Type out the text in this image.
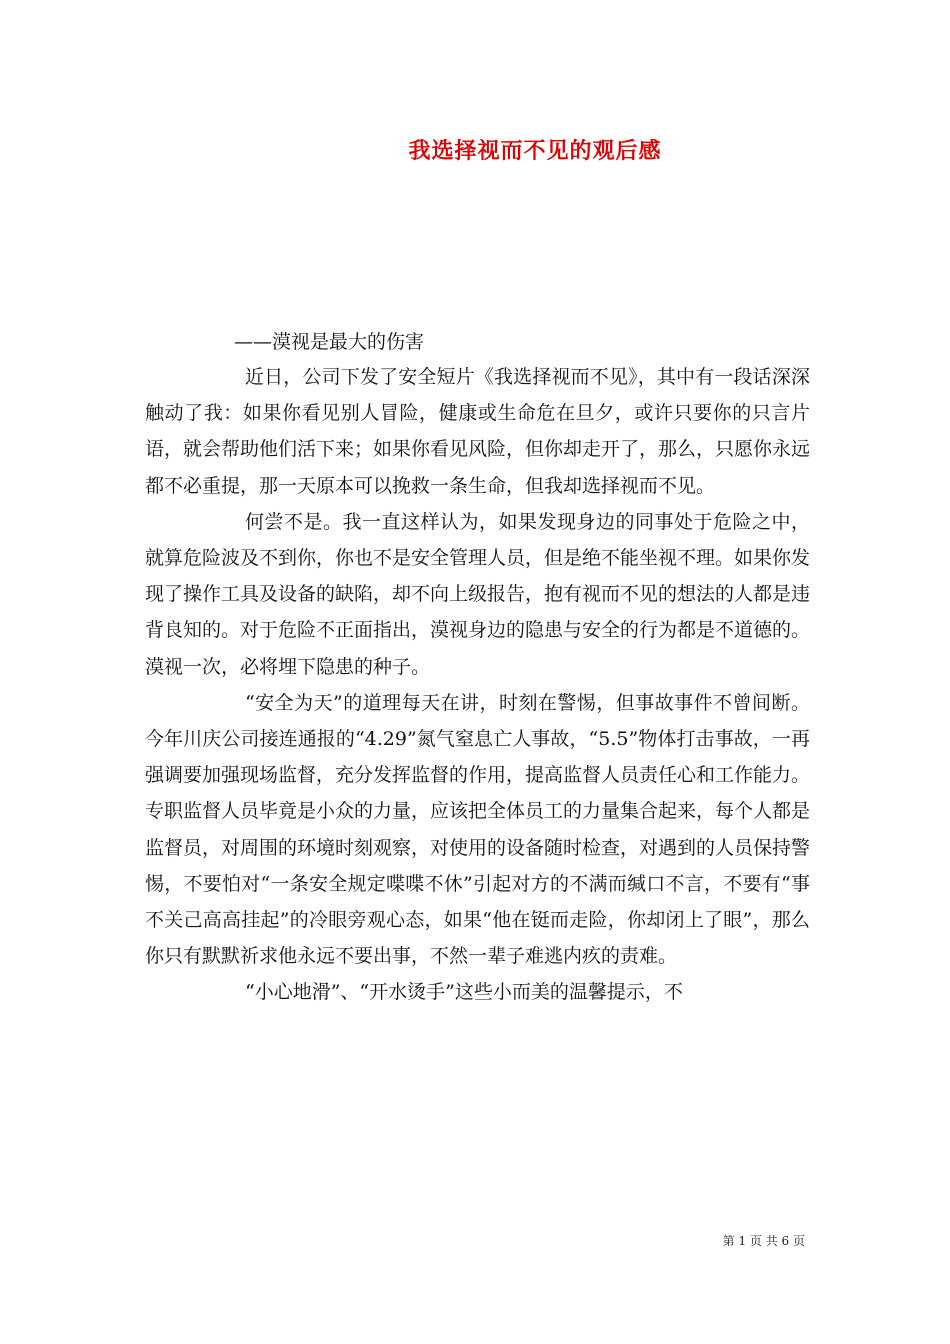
我选择视而不见的观后感
——漠视是最大的伤害

近日，公司下发了安全短片《我选择视而不见》，其中有一段话深深触动了我：如果你看见别人冒险，健康或生命危在旦夕，或许只要你的只言片语，就会帮助他们活下来；如果你看见风险，但你却走开了，那么，只愿你永远都不必重提，那一天原本可以挽救一条生命，但我却选择视而不见。

何尝不是。我一直这样认为，如果发现身边的同事处于危险之中，就算危险波及不到你，你也不是安全管理人员，但是绝不能坐视不理。如果你发现了操作工具及设备的缺陷，却不向上级报告，抱有视而不见的想法的人都是违背良知的。对于危险不正面指出，漠视身边的隐患与安全的行为都是不道德的。漠视一次，必将埋下隐患的种子。

“安全为天”的道理每天在讲，时刻在警惕，但事故事件不曾间断。今年川庆公司接连通报的“4.29”氮气窒息亡人事故，“5.5”物体打击事故，一再强调要加强现场监督，充分发挥监督的作用，提高监督人员责任心和工作能力。专职监督人员毕竟是小众的力量，应该把全体员工的力量集合起来，每个人都是监督员，对周围的环境时刻观察，对使用的设备随时检查，对遇到的人员保持警惕，不要怕对“一条安全规定喋喋不休”引起对方的不满而缄口不言，不要有“事不关己高高挂起”的冷眼旁观心态，如果“他在铤而走险，你却闭上了眼”，那么你只有默默祈求他永远不要出事，不然一辈子难逃内疚的责难。

“小心地滑”、“开水烫手”这些小而美的温馨提示，不

第 1 页 共 6 页
